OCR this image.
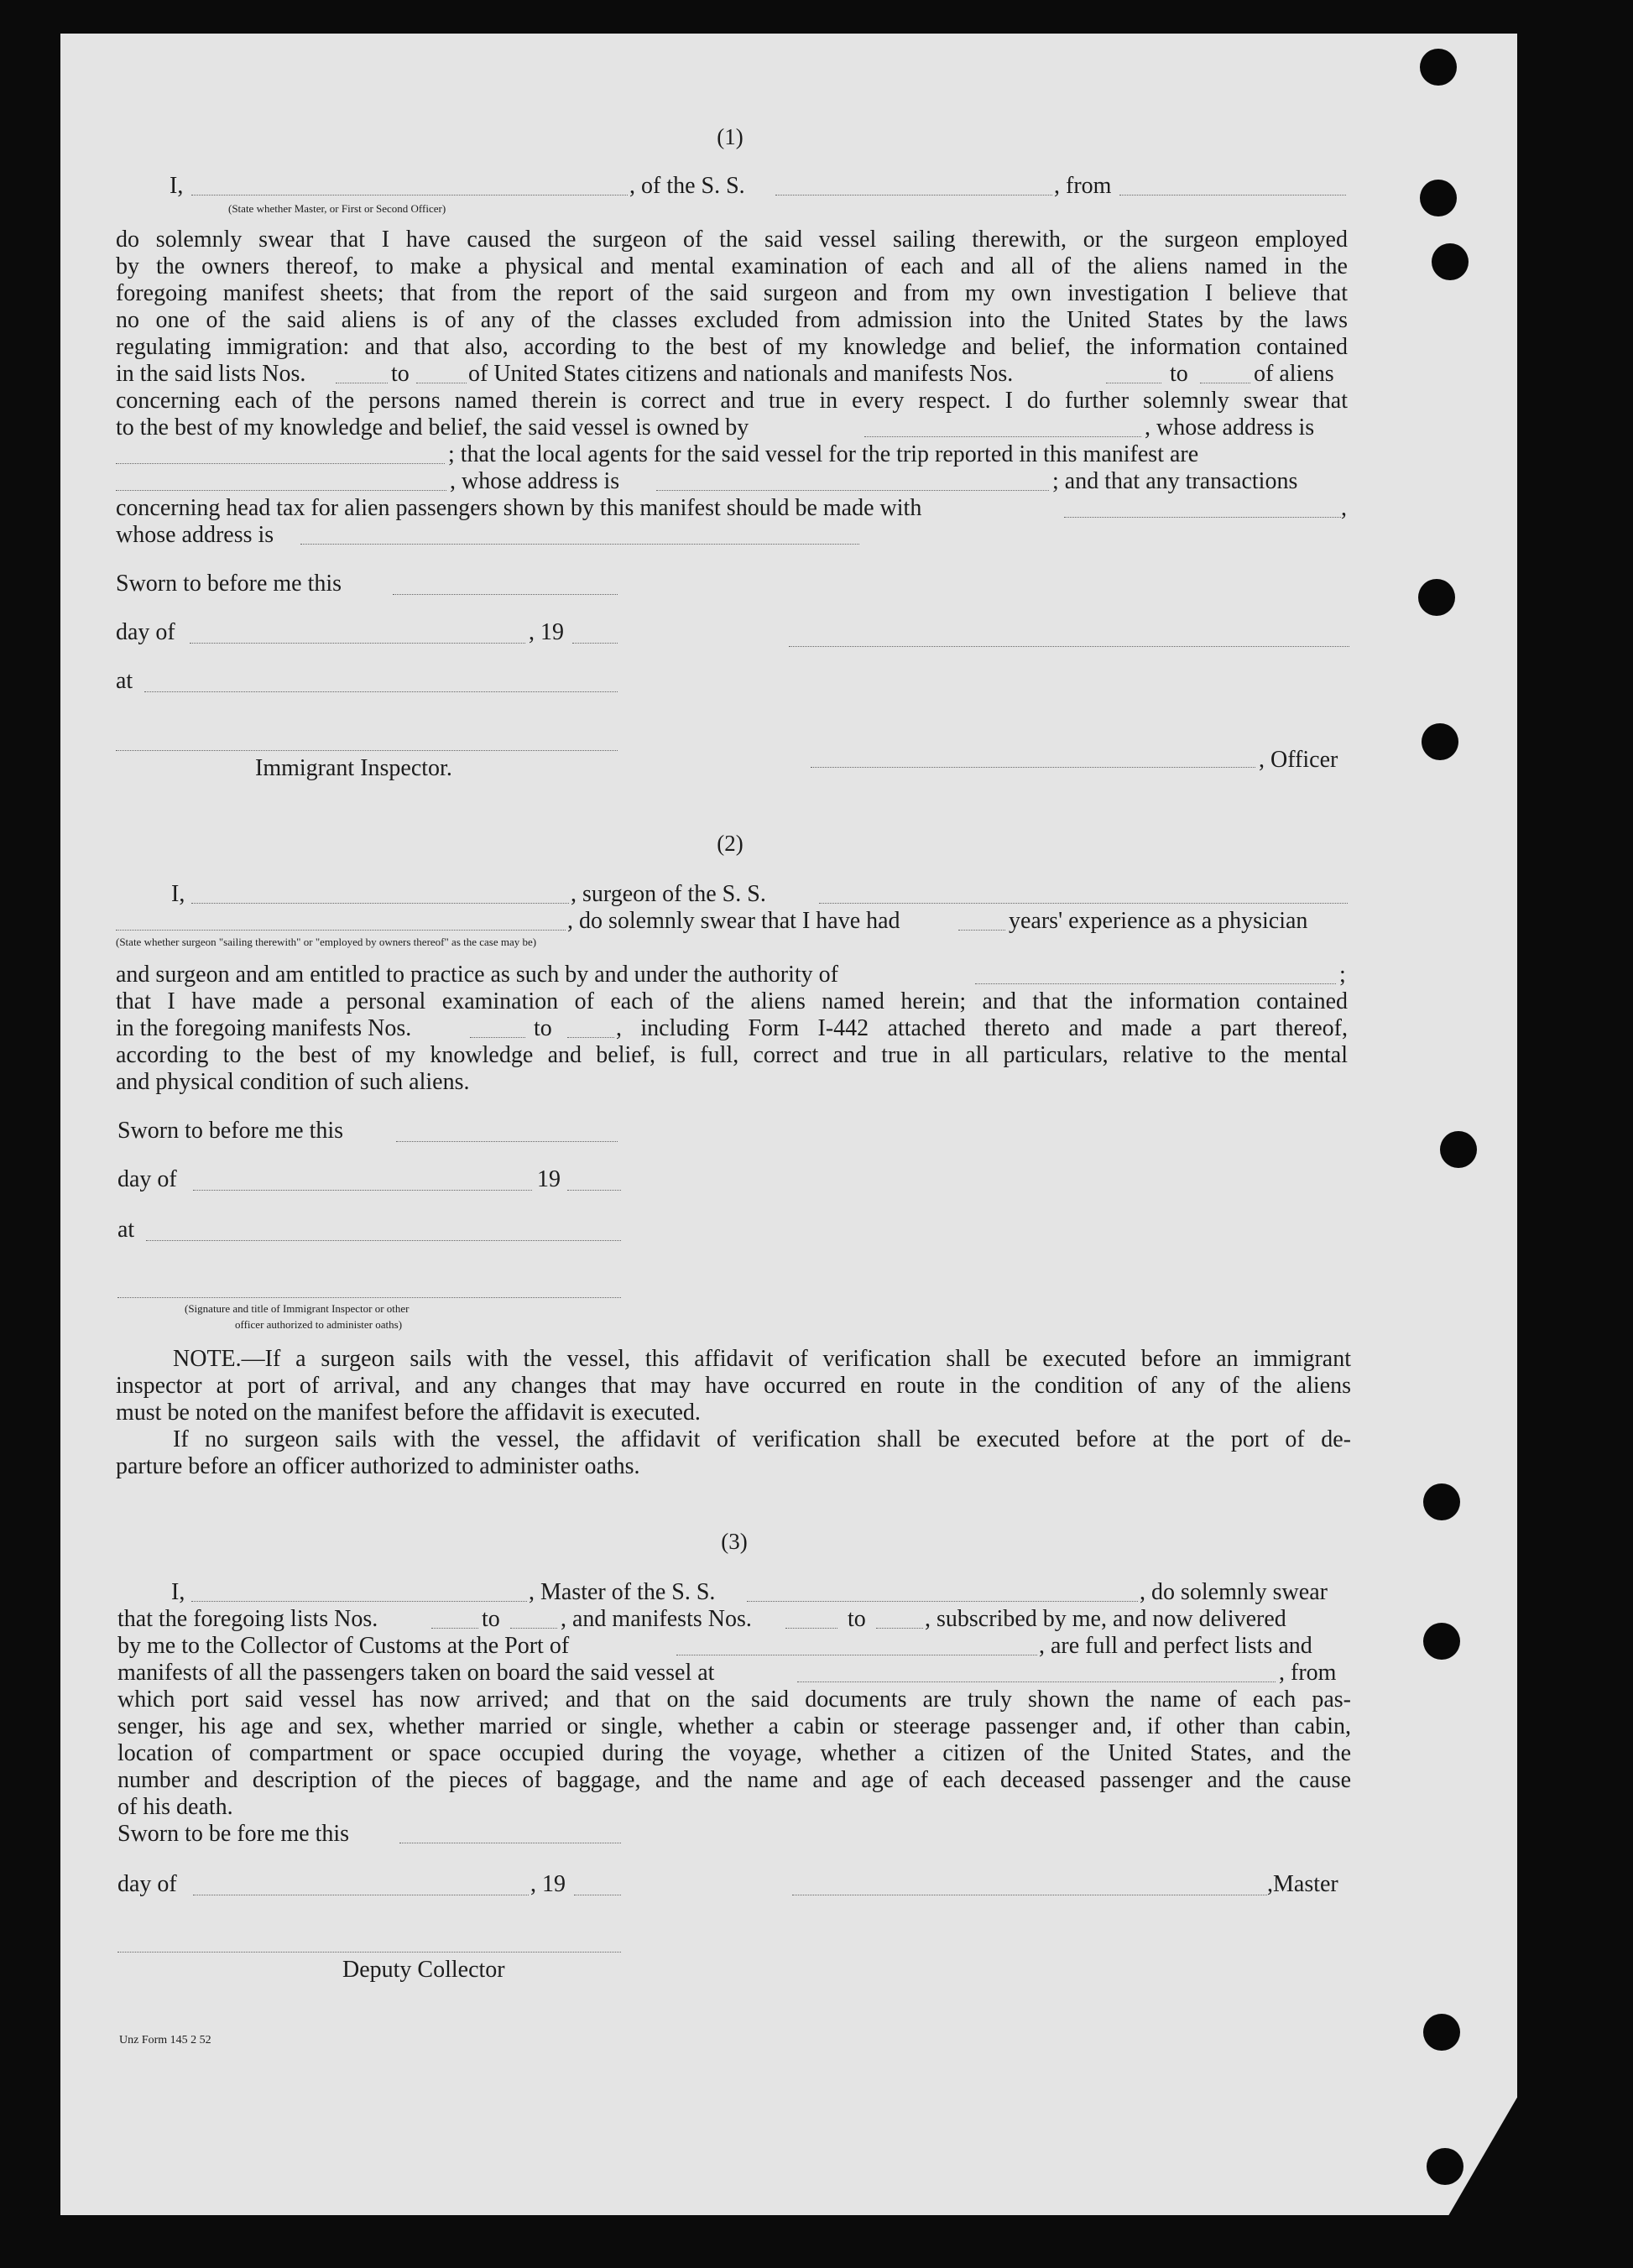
(1)
I,	, of the S. S.	, from
(State whether Master, or First or Second Officer)
do solemnly swear that I have caused the surgeon of the said vessel sailing therewith, or the surgeon employed
by the owners thereof, to make a physical and mental examination of each and all of the aliens named in the
foregoing manifest sheets; that from the report of the said surgeon and from my own investigation I believe that
no one of the said aliens is of any of the classes excluded from admission into the United States by the laws
regulating immigration: and that also, according to the best of my knowledge and belief, the information contained
in the said lists Nos.	to	of United States citizens and nationals and manifests Nos.	to	of aliens
concerning each of the persons named therein is correct and true in every respect. I do further solemnly swear that
to the best of my knowledge and belief, the said vessel is owned by	, whose address is
; that the local agents for the said vessel for the trip reported in this manifest are
, whose address is	; and that any transactions
concerning head tax for alien passengers shown by this manifest should be made with	,
whose address is
Sworn to before me this
day of	, 19
at
Immigrant Inspector.	, Officer
(2)
I,	, surgeon of the S. S.
, do solemnly swear that I have had	years' experience as a physician
(State whether surgeon "sailing therewith" or "employed by owners thereof" as the case may be)
and surgeon and am entitled to practice as such by and under the authority of	;
that I have made a personal examination of each of the aliens named herein; and that the information contained
in the foregoing manifests Nos.	to	, including Form I-442 attached thereto and made a part thereof,
according to the best of my knowledge and belief, is full, correct and true in all particulars, relative to the mental
and physical condition of such aliens.
Sworn to before me this
day of	19
at
(Signature and title of Immigrant Inspector or other
officer authorized to administer oaths)
NOTE.—If a surgeon sails with the vessel, this affidavit of verification shall be executed before an immigrant
inspector at port of arrival, and any changes that may have occurred en route in the condition of any of the aliens
must be noted on the manifest before the affidavit is executed.
If no surgeon sails with the vessel, the affidavit of verification shall be executed before at the port of de-
parture before an officer authorized to administer oaths.
(3)
I,	, Master of the S. S.	, do solemnly swear
that the foregoing lists Nos.	to	, and manifests Nos.	to	, subscribed by me, and now delivered
by me to the Collector of Customs at the Port of	, are full and perfect lists and
manifests of all the passengers taken on board the said vessel at	, from
which port said vessel has now arrived; and that on the said documents are truly shown the name of each pas-
senger, his age and sex, whether married or single, whether a cabin or steerage passenger and, if other than cabin,
location of compartment or space occupied during the voyage, whether a citizen of the United States, and the
number and description of the pieces of baggage, and the name and age of each deceased passenger and the cause
of his death.
Sworn to be fore me this
day of	, 19	,Master
Deputy Collector
Unz Form 145 2 52
